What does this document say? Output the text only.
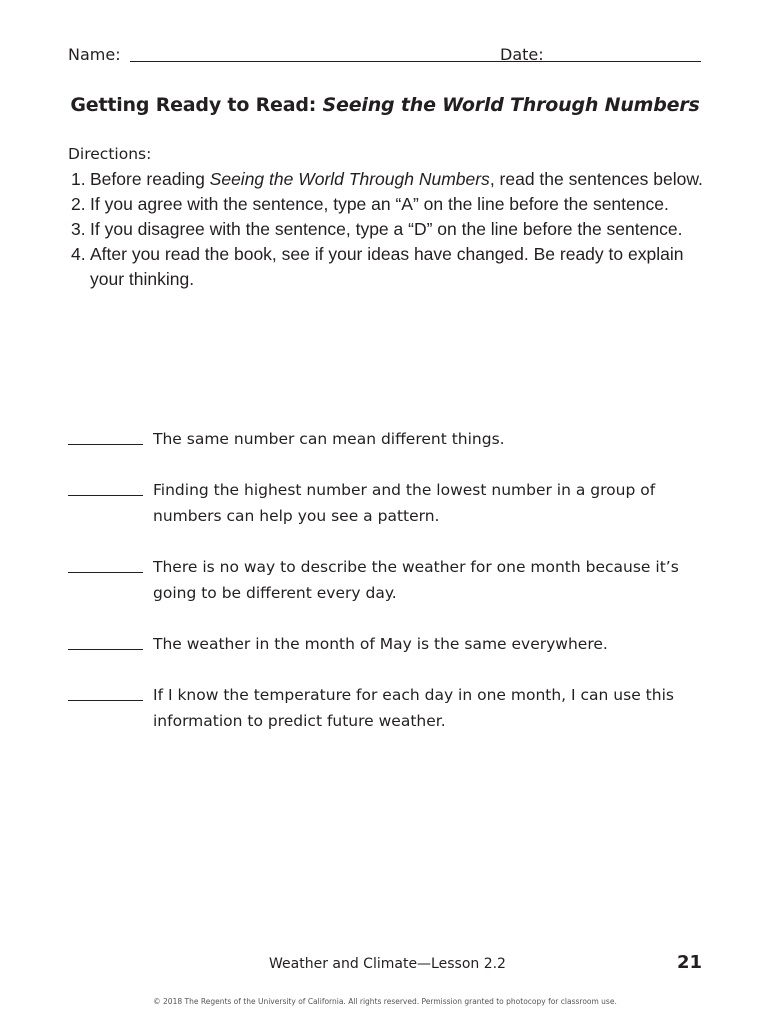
Name:	Date:
Getting Ready to Read: Seeing the World Through Numbers
Directions:
1. Before reading Seeing the World Through Numbers, read the sentences below.
2. If you agree with the sentence, type an “A” on the line before the sentence.
3. If you disagree with the sentence, type a “D” on the line before the sentence.
4. After you read the book, see if your ideas have changed. Be ready to explain your thinking.
The same number can mean different things.
Finding the highest number and the lowest number in a group of numbers can help you see a pattern.
There is no way to describe the weather for one month because it’s going to be different every day.
The weather in the month of May is the same everywhere.
If I know the temperature for each day in one month, I can use this information to predict future weather.
Weather and Climate—Lesson 2.2	21
© 2018 The Regents of the University of California. All rights reserved. Permission granted to photocopy for classroom use.
